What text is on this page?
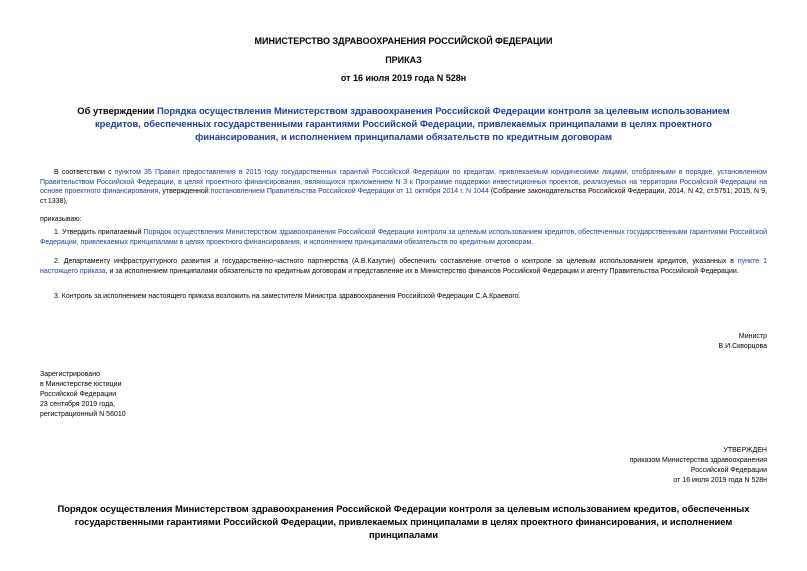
МИНИСТЕРСТВО ЗДРАВООХРАНЕНИЯ РОССИЙСКОЙ ФЕДЕРАЦИИ
ПРИКАЗ
от 16 июля 2019 года N 528н
Об утверждении Порядка осуществления Министерством здравоохранения Российской Федерации контроля за целевым использованием кредитов, обеспеченных государственными гарантиями Российской Федерации, привлекаемых принципалами в целях проектного финансирования, и исполнением принципалами обязательств по кредитным договорам
В соответствии с пунктом 35 Правил предоставления в 2015 году государственных гарантий Российской Федерации по кредитам, привлекаемым юридическими лицами, отобранными в порядке, установленном Правительством Российской Федерации, в целях проектного финансирования, являющихся приложением N 3 к Программе поддержки инвестиционных проектов, реализуемых на территории Российской Федерации на основе проектного финансирования, утвержденной постановлением Правительства Российской Федерации от 11 октября 2014 г. N 1044 (Собрание законодательства Российской Федерации, 2014, N 42, ст.5751; 2015, N 9, ст.1338),
приказываю:
1. Утвердить прилагаемый Порядок осуществления Министерством здравоохранения Российской Федерации контроля за целевым использованием кредитов, обеспеченных государственными гарантиями Российской Федерации, привлекаемых принципалами в целях проектного финансирования, и исполнением принципалами обязательств по кредитным договорам.
2. Департаменту инфраструктурного развития и государственно-частного партнерства (А.В.Казутин) обеспечить составление отчетов о контроле за целевым использованием кредитов, указанных в пункте 1 настоящего приказа, и за исполнением принципалами обязательств по кредитным договорам и представление их в Министерство финансов Российской Федерации и агенту Правительства Российской Федерации.
3. Контроль за исполнением настоящего приказа возложить на заместителя Министра здравоохранения Российской Федерации С.А.Краевого.
Министр
В.И.Скворцова
Зарегистрировано
в Министерстве юстиции
Российской Федерации
23 сентября 2019 года,
регистрационный N 56010
УТВЕРЖДЕН
приказом Министерства здравоохранения
Российской Федерации
от 16 июля 2019 года N 528н
Порядок осуществления Министерством здравоохранения Российской Федерации контроля за целевым использованием кредитов, обеспеченных государственными гарантиями Российской Федерации, привлекаемых принципалами в целях проектного финансирования, и исполнением принципалами
